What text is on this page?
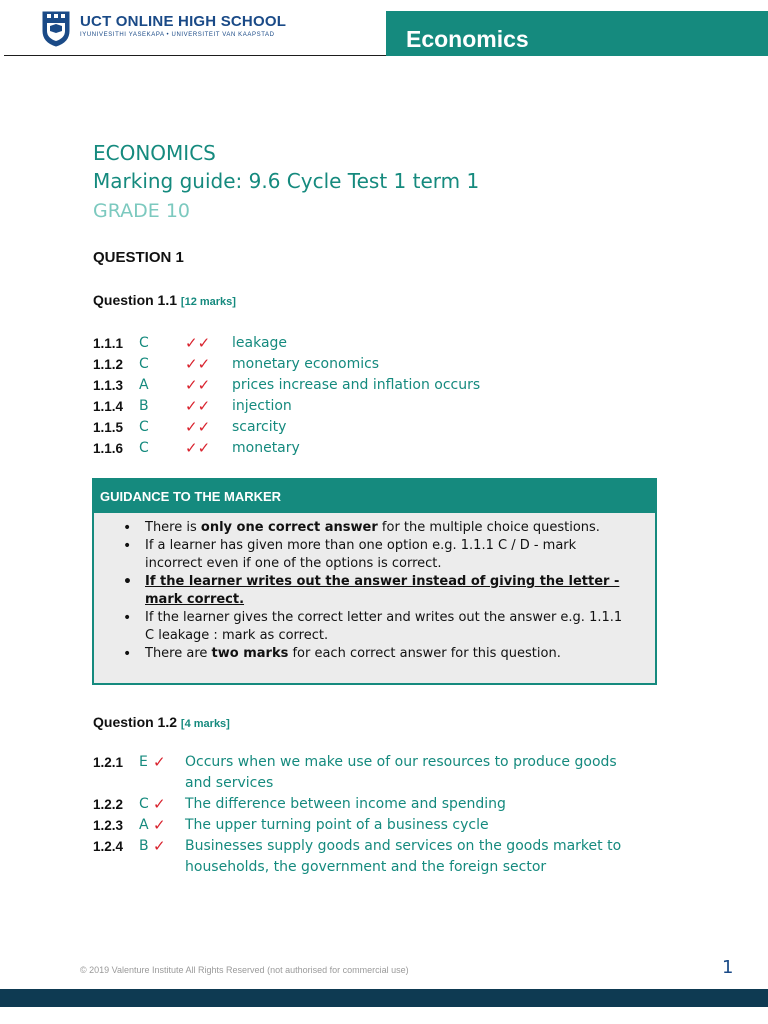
UCT ONLINE HIGH SCHOOL
IYUNIVESITHI YASEKAPA • UNIVERSITEIT VAN KAAPSTAD	Economics
ECONOMICS
Marking guide: 9.6 Cycle Test 1 term 1
GRADE 10
QUESTION 1
Question 1.1 [12 marks]
1.1.1 C ✓✓ leakage
1.1.2 C ✓✓ monetary economics
1.1.3 A ✓✓ prices increase and inflation occurs
1.1.4 B ✓✓ injection
1.1.5 C ✓✓ scarcity
1.1.6 C ✓✓ monetary
GUIDANCE TO THE MARKER
• There is only one correct answer for the multiple choice questions.
• If a learner has given more than one option e.g. 1.1.1 C / D - mark incorrect even if one of the options is correct.
• If the learner writes out the answer instead of giving the letter - mark correct.
• If the learner gives the correct letter and writes out the answer e.g. 1.1.1 C leakage : mark as correct.
• There are two marks for each correct answer for this question.
Question 1.2 [4 marks]
1.2.1 E ✓ Occurs when we make use of our resources to produce goods and services
1.2.2 C ✓ The difference between income and spending
1.2.3 A ✓ The upper turning point of a business cycle
1.2.4 B ✓ Businesses supply goods and services on the goods market to households, the government and the foreign sector
© 2019 Valenture Institute All Rights Reserved (not authorised for commercial use)	1
